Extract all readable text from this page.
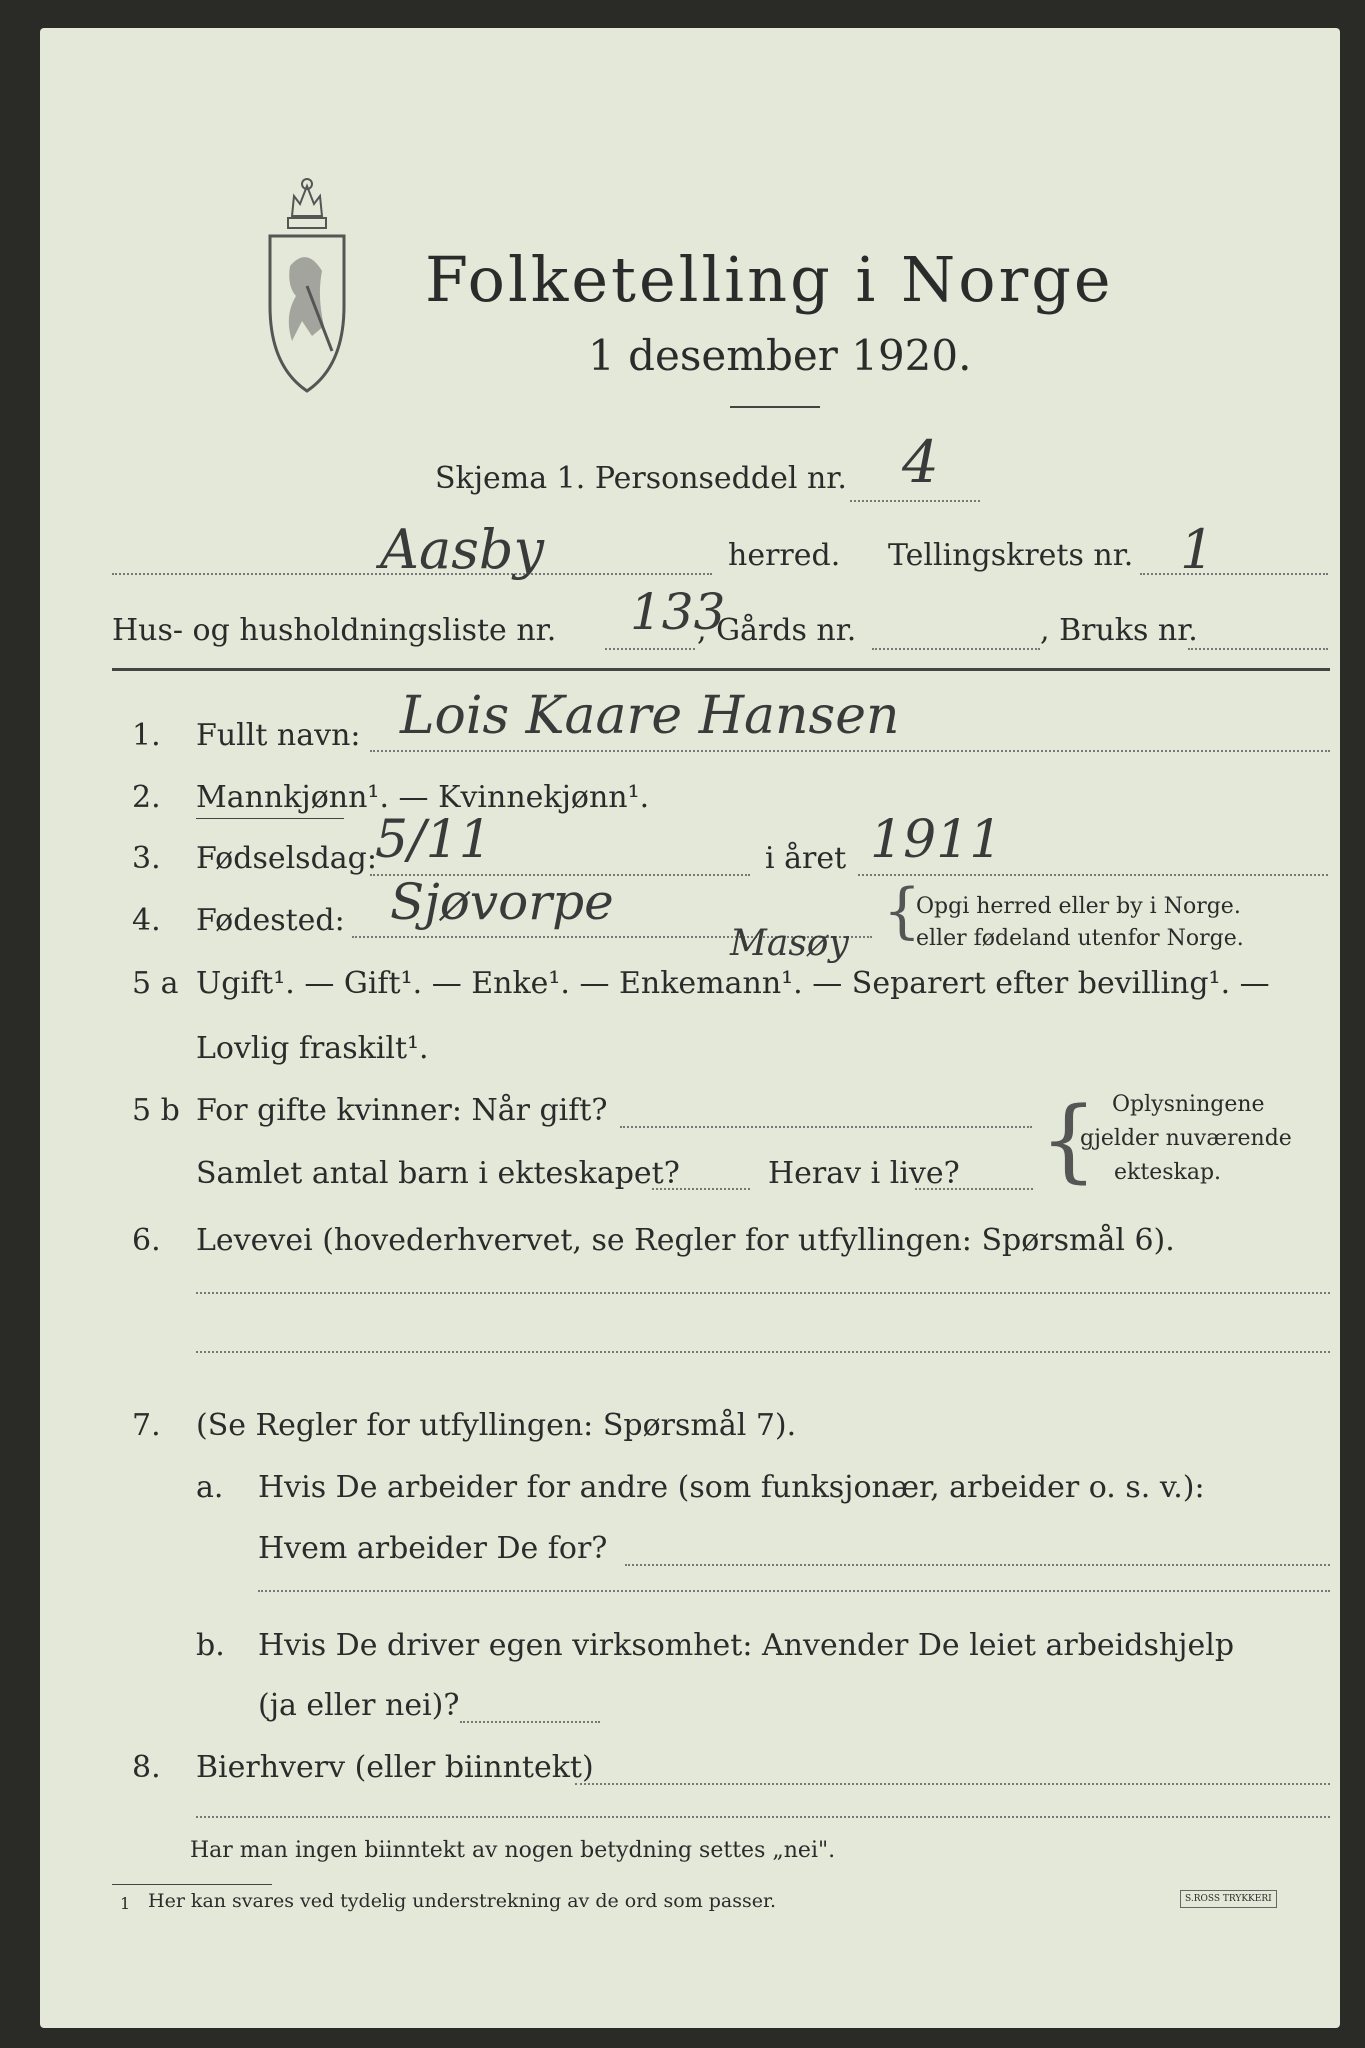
Folketelling i Norge
1 desember 1920.
Skjema 1. Personseddel nr. 4
Aasby	herred. Tellingskrets nr. 1
Hus- og husholdningsliste nr. 133
, Gårds nr.	, Bruks nr.
1. Fullt navn: Lois Kaare Hansen
2. Mannkjønn¹. — Kvinnekjønn¹.
3. Fødselsdag:
5/11	i året 1911
4. Fødested: Sjøvorpe
Masøy {
Opgi herred eller by i Norge.
eller fødeland utenfor Norge.
5 a Ugift¹. — Gift¹. — Enke¹. — Enkemann¹. — Separert efter bevilling¹. —
Lovlig fraskilt¹.
5 b For gifte kvinner: Når gift?
Samlet antal barn i ekteskapet?	Herav i live? { Oplysningene
gjelder nuværende
ekteskap.
6. Levevei (hovederhvervet, se Regler for utfyllingen: Spørsmål 6).
7. (Se Regler for utfyllingen: Spørsmål 7).
a. Hvis De arbeider for andre (som funksjonær, arbeider o. s. v.):
Hvem arbeider De for?
b. Hvis De driver egen virksomhet: Anvender De leiet arbeidshjelp
(ja eller nei)?
8. Bierhverv (eller biinntekt)
Har man ingen biinntekt av nogen betydning settes „nei".
1 Her kan svares ved tydelig understrekning av de ord som passer.	S.ROSS TRYKKERI
